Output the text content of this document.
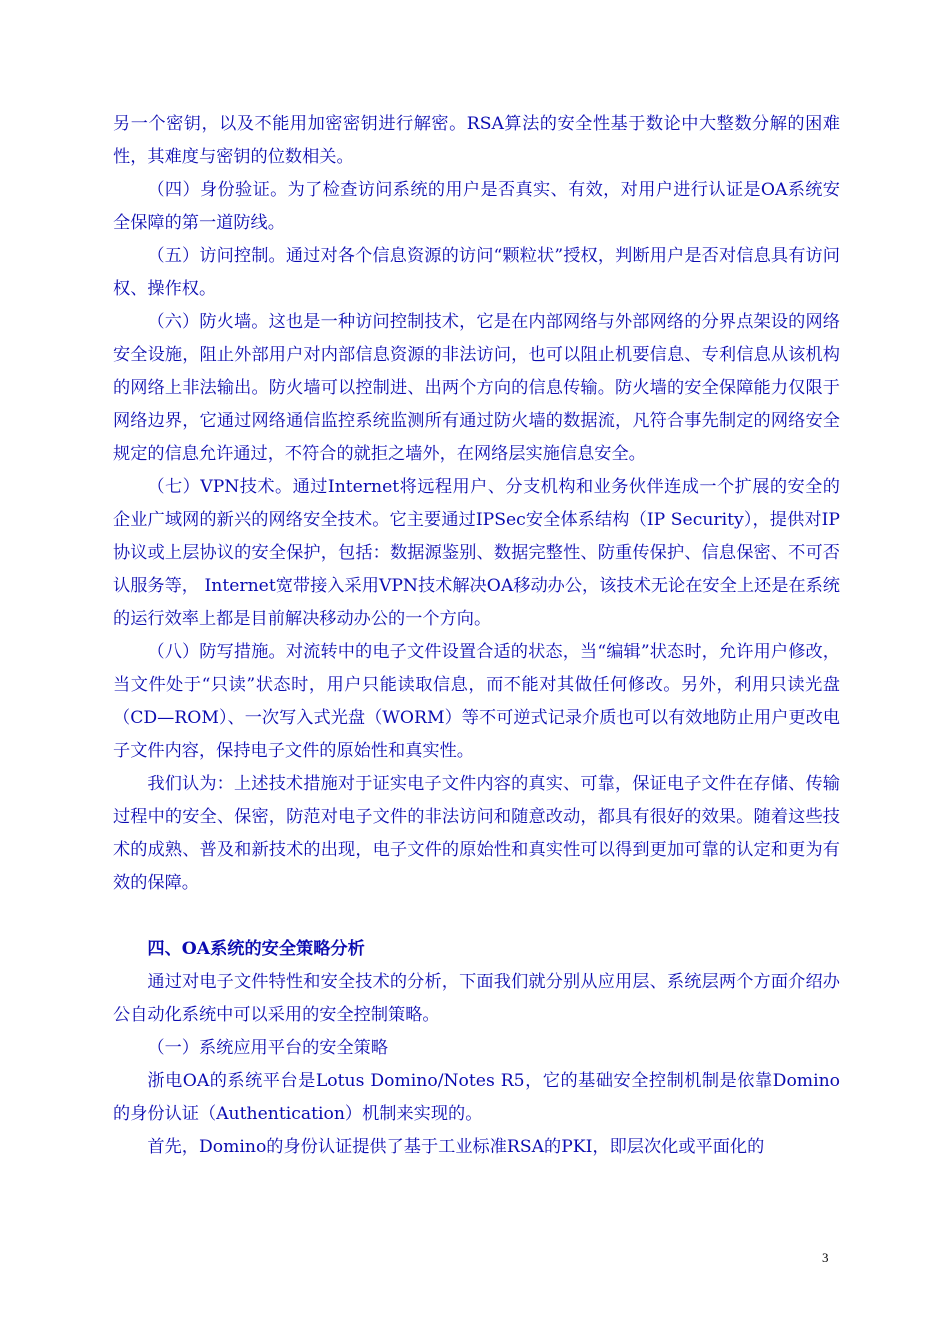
另一个密钥，以及不能用加密密钥进行解密。RSA算法的安全性基于数论中大整数分解的困难性，其难度与密钥的位数相关。

（四）身份验证。为了检查访问系统的用户是否真实、有效，对用户进行认证是OA系统安全保障的第一道防线。

（五）访问控制。通过对各个信息资源的访问“颗粒状”授权，判断用户是否对信息具有访问权、操作权。

（六）防火墙。这也是一种访问控制技术，它是在内部网络与外部网络的分界点架设的网络安全设施，阻止外部用户对内部信息资源的非法访问，也可以阻止机要信息、专利信息从该机构的网络上非法输出。防火墙可以控制进、出两个方向的信息传输。防火墙的安全保障能力仅限于网络边界，它通过网络通信监控系统监测所有通过防火墙的数据流，凡符合事先制定的网络安全规定的信息允许通过，不符合的就拒之墙外，在网络层实施信息安全。

（七）VPN技术。通过Internet将远程用户、分支机构和业务伙伴连成一个扩展的安全的企业广域网的新兴的网络安全技术。它主要通过IPSec安全体系结构（IP Security），提供对IP协议或上层协议的安全保护，包括：数据源鉴别、数据完整性、防重传保护、信息保密、不可否认服务等， Internet宽带接入采用VPN技术解决OA移动办公，该技术无论在安全上还是在系统的运行效率上都是目前解决移动办公的一个方向。

（八）防写措施。对流转中的电子文件设置合适的状态，当“编辑”状态时，允许用户修改，当文件处于“只读”状态时，用户只能读取信息，而不能对其做任何修改。另外，利用只读光盘（CD—ROM）、一次写入式光盘（WORM）等不可逆式记录介质也可以有效地防止用户更改电子文件内容，保持电子文件的原始性和真实性。

我们认为：上述技术措施对于证实电子文件内容的真实、可靠，保证电子文件在存储、传输过程中的安全、保密，防范对电子文件的非法访问和随意改动，都具有很好的效果。随着这些技术的成熟、普及和新技术的出现，电子文件的原始性和真实性可以得到更加可靠的认定和更为有效的保障。

四、OA系统的安全策略分析

通过对电子文件特性和安全技术的分析，下面我们就分别从应用层、系统层两个方面介绍办公自动化系统中可以采用的安全控制策略。

（一）系统应用平台的安全策略

浙电OA的系统平台是Lotus Domino/Notes R5，它的基础安全控制机制是依靠Domino的身份认证（Authentication）机制来实现的。

首先，Domino的身份认证提供了基于工业标准RSA的PKI，即层次化或平面化的

3
